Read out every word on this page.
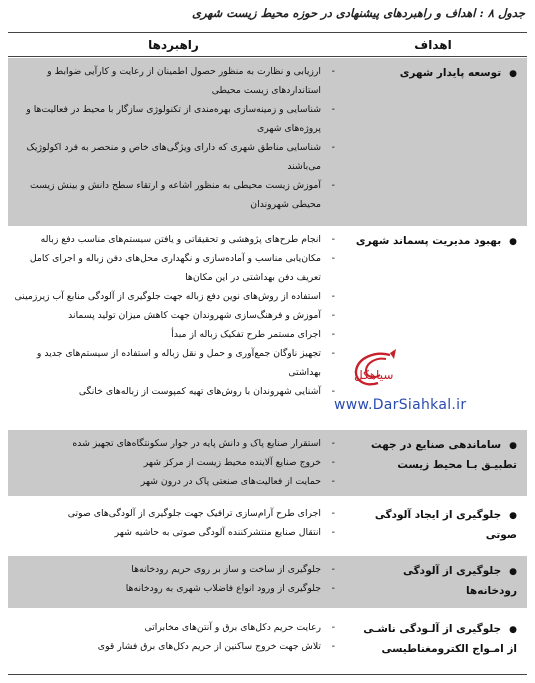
جدول ۸ : اهداف و راهبردهای پیشنهادی در حوزه محیط زیست شهری
اهداف
راهبردها
●توسعه پایدار شهری
-
ارزیابی و نظارت به منظور حصول اطمینان از رعایت و کارآیی ضوابط و استانداردهای زیست محیطی
-
شناسایی و زمینه‌سازی بهره‌مندی از تکنولوژی سازگار با محیط در فعالیت‌ها و پروژه‌های شهری
-
شناسایی مناطق شهری که دارای ویژگی‌های خاص و منحصر به فرد اکولوژیک می‌باشند
-
آموزش زیست محیطی به منظور اشاعه و ارتقاء سطح دانش و بینش زیست محیطی شهروندان
●بهبود مدیریت پسماند شهری
-
انجام طرح‌های پژوهشی و تحقیقاتی و یافتن سیستم‌های مناسب دفع زباله
-
مکان‌یابی مناسب و آماده‌سازی و نگهداری محل‌های دفن زباله و اجرای کامل تعریف دفن بهداشتی در این مکان‌ها
-
استفاده از روش‌های نوین دفع زباله جهت جلوگیری از آلودگی منابع آب زیرزمینی
-
آموزش و فرهنگ‌سازی شهروندان جهت کاهش میزان تولید پسماند
-
اجرای مستمر طرح تفکیک زباله از مبدأ
-
تجهیز ناوگان جمع‌آوری و حمل و نقل زباله و استفاده از سیستم‌های جدید و بهداشتی
-
آشنایی شهروندان با روش‌های تهیه کمپوست از زباله‌های خانگی
●ساماندهی صنایع در جهت تطبیـق بـا محیط زیست
-
استقرار صنایع پاک و دانش پایه در جوار سکونتگاه‌های تجهیز شده
-
خروج صنایع آلاینده محیط زیست از مرکز شهر
-
حمایت از فعالیت‌های صنعتی پاک در درون شهر
●جلوگیری از ایجاد آلودگی صوتی
-
اجرای طرح آرام‌سازی ترافیک جهت جلوگیری از آلودگی‌های صوتی
-
انتقال صنایع منتشرکننده آلودگی صوتی به حاشیه شهر
●جلوگیری از آلودگی رودخانه‌ها
-
جلوگیری از ساخت و ساز بر روی حریم رودخانه‌ها
-
جلوگیری از ورود انواع فاضلاب شهری به رودخانه‌ها
●جلوگیری از آلـودگی ناشـی از امـواج الکترومغناطیسی
-
رعایت حریم دکل‌های برق و آنتن‌های مخابراتی
-
تلاش جهت خروج ساکنین از حریم دکل‌های برق فشار قوی
سیاهکل
www.DarSiahkal.ir
